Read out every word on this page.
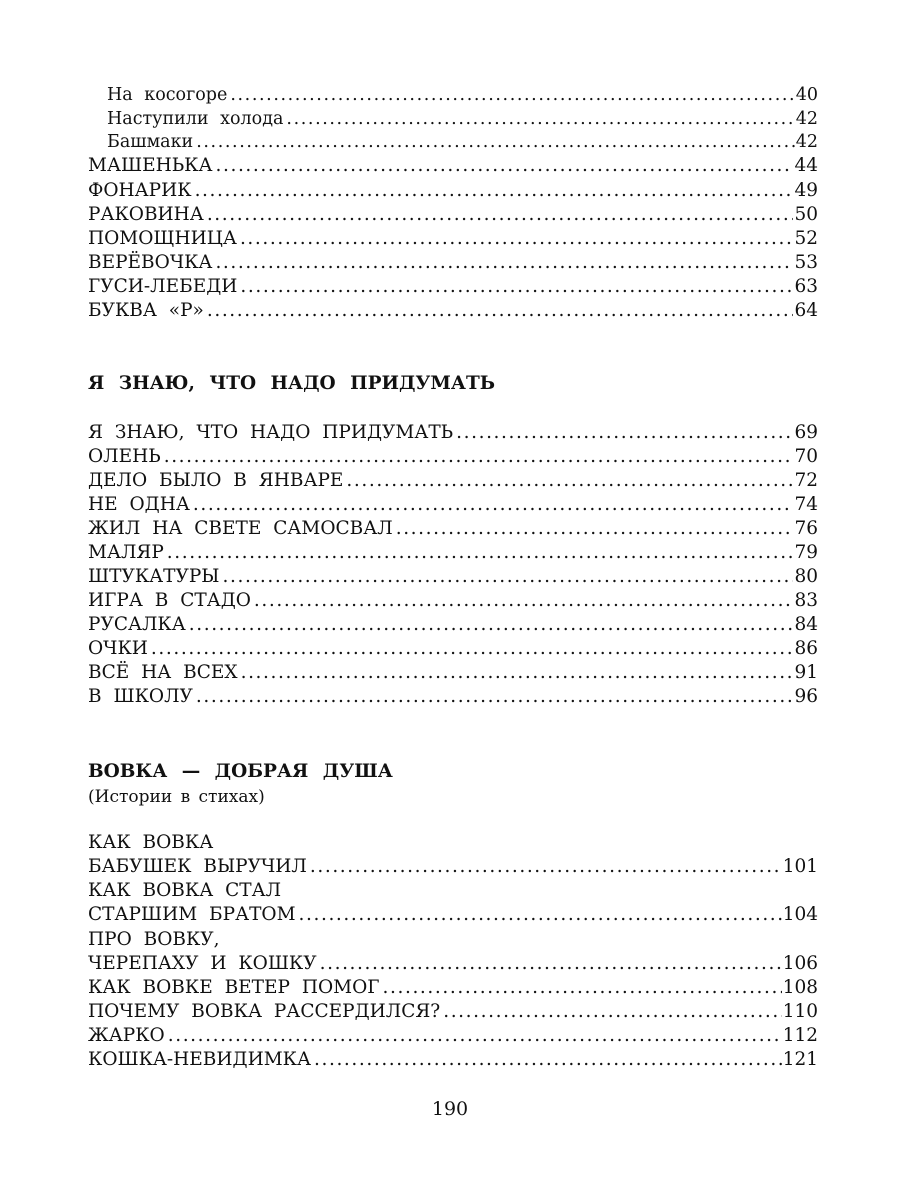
На косогоре .....	40
Наступили холода .....	42
Башмаки .....	42
МАШЕНЬКА .....	44
ФОНАРИК .....	49
РАКОВИНА .....	50
ПОМОЩНИЦА .....	52
ВЕРЁВОЧКА .....	53
ГУСИ-ЛЕБЕДИ .....	63
БУКВА «Р» .....	64
Я ЗНАЮ, ЧТО НАДО ПРИДУМАТЬ
Я ЗНАЮ, ЧТО НАДО ПРИДУМАТЬ .....	69
ОЛЕНЬ .....	70
ДЕЛО БЫЛО В ЯНВАРЕ .....	72
НЕ ОДНА .....	74
ЖИЛ НА СВЕТЕ САМОСВАЛ .....	76
МАЛЯР .....	79
ШТУКАТУРЫ .....	80
ИГРА В СТАДО .....	83
РУСАЛКА .....	84
ОЧКИ .....	86
ВСЁ НА ВСЕХ .....	91
В ШКОЛУ .....	96
ВОВКА — ДОБРАЯ ДУША
(Истории в стихах)
КАК ВОВКА
БАБУШЕК ВЫРУЧИЛ .....	101
КАК ВОВКА СТАЛ
СТАРШИМ БРАТОМ .....	104
ПРО ВОВКУ,
ЧЕРЕПАХУ И КОШКУ .....	106
КАК ВОВКЕ ВЕТЕР ПОМОГ .....	108
ПОЧЕМУ ВОВКА РАССЕРДИЛСЯ? .....	110
ЖАРКО .....	112
КОШКА-НЕВИДИМКА .....	121
190
